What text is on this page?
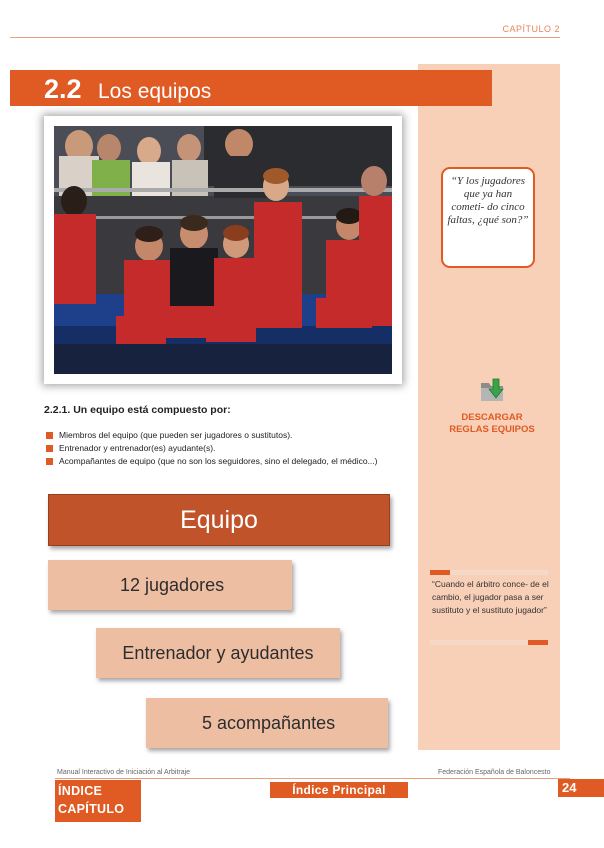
CAPÍTULO 2
2.2 Los equipos
“Y los jugadores que ya han cometi- do cinco faltas, ¿qué son?”
DESCARGAR
REGLAS EQUIPOS
2.2.1. Un equipo está compuesto por:
Miembros del equipo (que pueden ser jugadores o sustitutos).
Entrenador y entrenador(es) ayudante(s).
Acompañantes de equipo (que no son los seguidores, sino el delegado, el médico...)
Equipo
12 jugadores
Entrenador y ayudantes
5 acompañantes
“Cuando el árbitro conce- de el cambio, el jugador pasa a ser sustituto y el sustituto jugador”
Manual Interactivo de Iniciación al Arbitraje	Federación Española de Baloncesto
ÍNDICE
CAPÍTULO
Índice Principal	24
